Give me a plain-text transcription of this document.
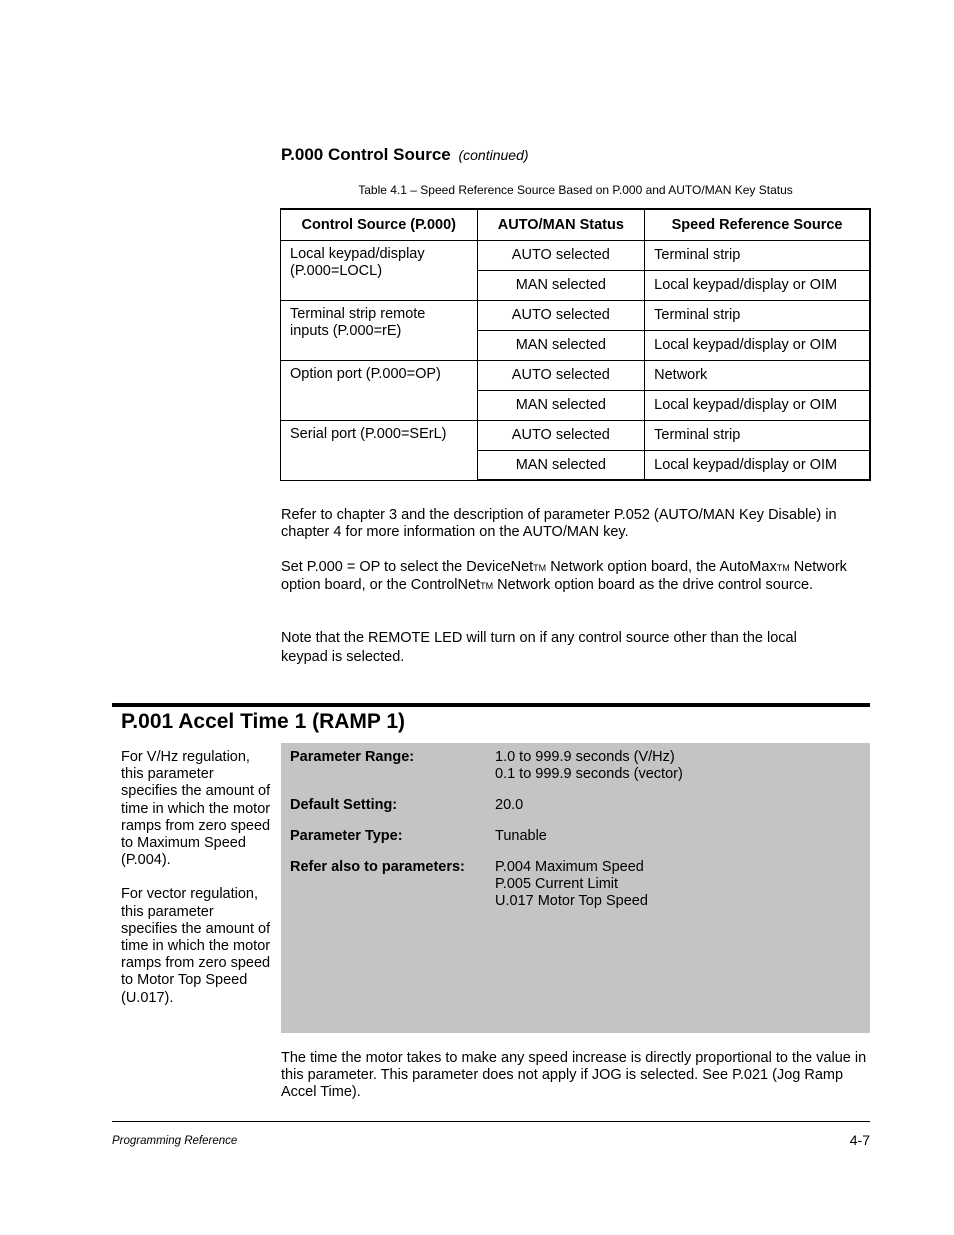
P.000 Control Source (continued)
Table 4.1 – Speed Reference Source Based on P.000 and AUTO/MAN Key Status
Control Source (P.000)	AUTO/MAN Status	Speed Reference Source
Local keypad/display (P.000=LOCL)	AUTO selected	Terminal strip
	MAN selected	Local keypad/display or OIM
Terminal strip remote inputs (P.000=rE)	AUTO selected	Terminal strip
	MAN selected	Local keypad/display or OIM
Option port (P.000=OP)	AUTO selected	Network
	MAN selected	Local keypad/display or OIM
Serial port (P.000=SErL)	AUTO selected	Terminal strip
	MAN selected	Local keypad/display or OIM
Refer to chapter 3 and the description of parameter P.052 (AUTO/MAN Key Disable) in chapter 4 for more information on the AUTO/MAN key.
Set P.000 = OP to select the DeviceNetTM Network option board, the AutoMaxTM Network option board, or the ControlNetTM Network option board as the drive control source.
Note that the REMOTE LED will turn on if any control source other than the local
keypad is selected.
P.001 Accel Time 1 (RAMP 1)

For V/Hz regulation, this parameter specifies the amount of time in which the motor ramps from zero speed to Maximum Speed (P.004).

For vector regulation, this parameter specifies the amount of time in which the motor ramps from zero speed to Motor Top Speed (U.017).

Parameter Range:	1.0 to 999.9 seconds (V/Hz)
0.1 to 999.9 seconds (vector)
Default Setting:	20.0
Parameter Type:	Tunable
Refer also to parameters: P.004 Maximum Speed
P.005 Current Limit
U.017 Motor Top Speed
The time the motor takes to make any speed increase is directly proportional to the value in this parameter. This parameter does not apply if JOG is selected. See P.021 (Jog Ramp Accel Time).
Programming Reference	4-7
